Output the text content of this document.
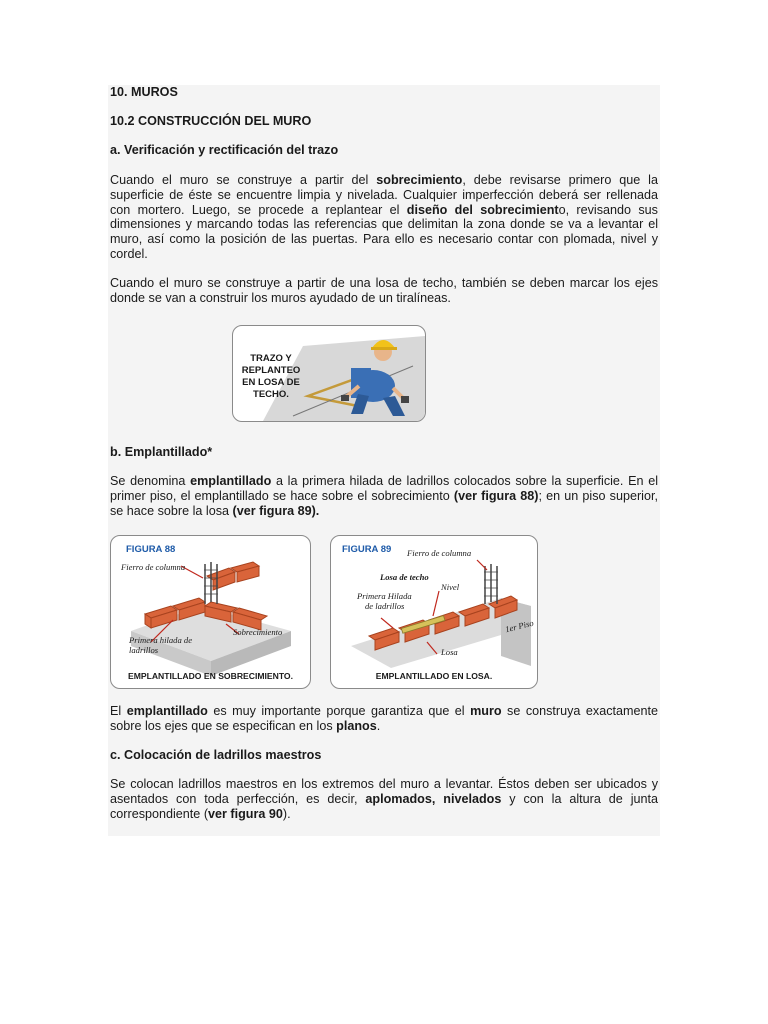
10. MUROS
10.2 CONSTRUCCIÓN DEL MURO
a. Verificación y rectificación del trazo
Cuando el muro se construye a partir del sobrecimiento, debe revisarse primero que la superficie de éste se encuentre limpia y nivelada. Cualquier imperfección deberá ser rellenada con mortero. Luego, se procede a replantear el diseño del sobrecimiento, revisando sus dimensiones y marcando todas las referencias que delimitan la zona donde se va a levantar el muro, así como la posición de las puertas. Para ello es necesario contar con plomada, nivel y cordel.
Cuando el muro se construye a partir de una losa de techo, también se deben marcar los ejes donde se van a construir los muros ayudado de un tiralíneas.
TRAZO Y
REPLANTEO
EN LOSA DE
TECHO.
b. Emplantillado*
Se denomina emplantillado a la primera hilada de ladrillos colocados sobre la superficie. En el primer piso, el emplantillado se hace sobre el sobrecimiento (ver figura 88); en un piso superior, se hace sobre la losa (ver figura 89).
FIGURA 88
Fierro de columna
Primera hilada de
ladrillos
Sobrecimiento
EMPLANTILLADO EN SOBRECIMIENTO.
FIGURA 89 Fierro de columna
Losa de techo
Nivel
Primera Hilada
de ladrillos
1er Piso
Losa
EMPLANTILLADO EN LOSA.
El emplantillado es muy importante porque garantiza que el muro se construya exactamente sobre los ejes que se especifican en los planos.
c. Colocación de ladrillos maestros
Se colocan ladrillos maestros en los extremos del muro a levantar. Éstos deben ser ubicados y asentados con toda perfección, es decir, aplomados, nivelados y con la altura de junta correspondiente (ver figura 90).
